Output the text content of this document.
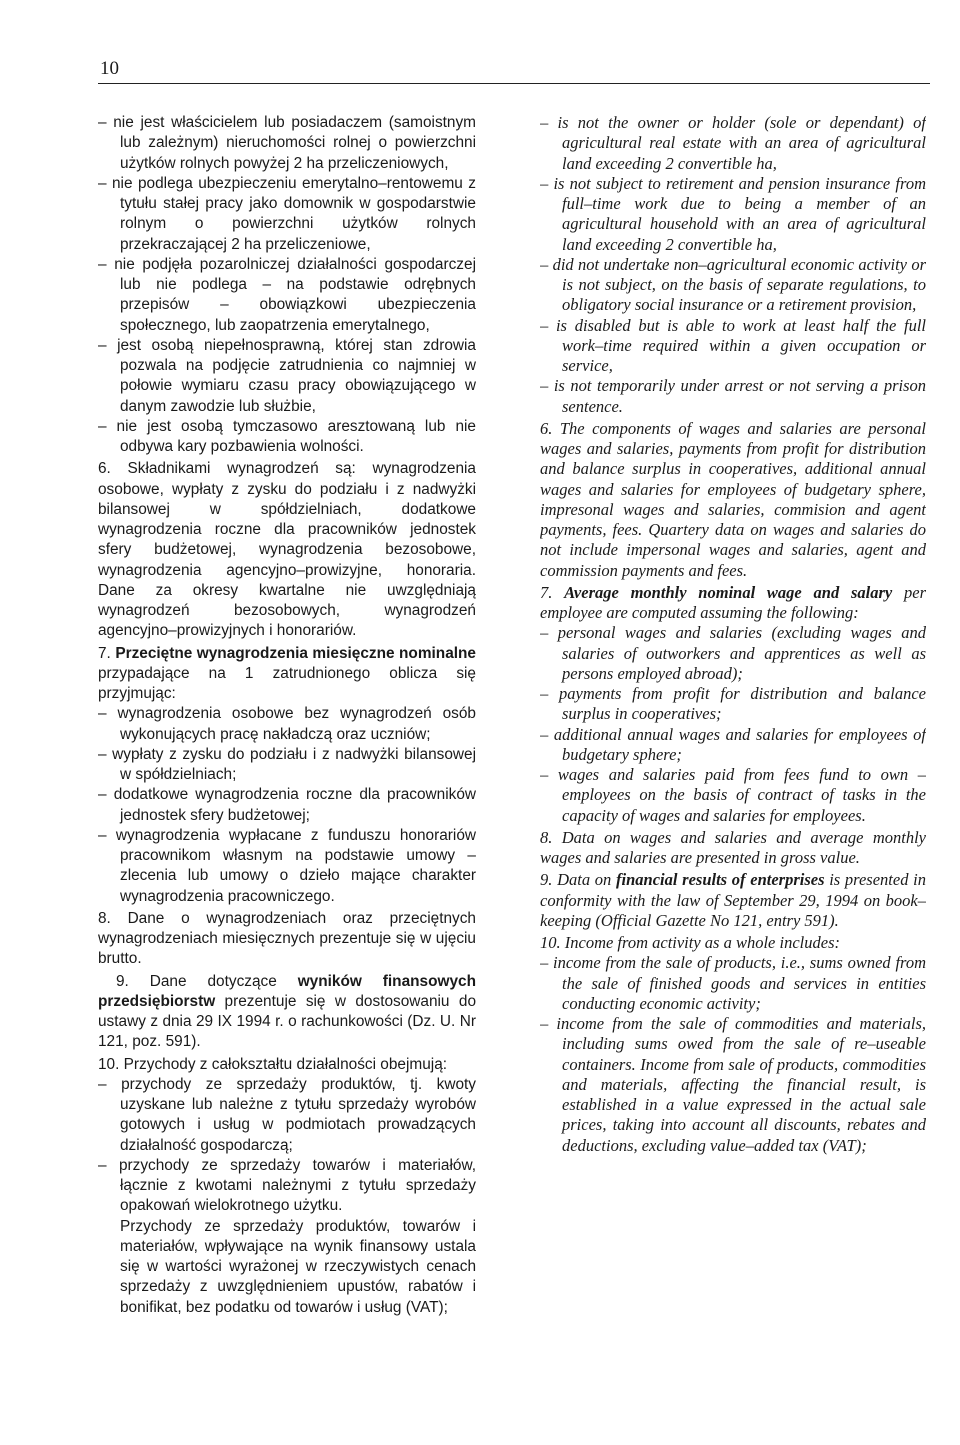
10

– nie jest właścicielem lub posiadaczem (samoistnym lub zależnym) nieruchomości rolnej o powierzchni użytków rolnych powyżej 2 ha przeliczeniowych,

– nie podlega ubezpieczeniu emerytalno–rentowemu z tytułu stałej pracy jako domownik w gospodarstwie rolnym o powierzchni użytków rolnych przekraczającej 2 ha przeliczeniowe,

– nie podjęła pozarolniczej działalności gospodarczej lub nie podlega – na podstawie odrębnych przepisów – obowiązkowi ubezpieczenia społecznego, lub zaopatrzenia emerytalnego,

– jest osobą niepełnosprawną, której stan zdrowia pozwala na podjęcie zatrudnienia co najmniej w połowie wymiaru czasu pracy obowiązującego w danym zawodzie lub służbie,

– nie jest osobą tymczasowo aresztowaną lub nie odbywa kary pozbawienia wolności.

6. Składnikami wynagrodzeń są: wynagrodzenia osobowe, wypłaty z zysku do podziału i z nadwyżki bilansowej w spółdzielniach, dodatkowe wynagrodzenia roczne dla pracowników jednostek sfery budżetowej, wynagrodzenia bezosobowe, wynagrodzenia agencyjno–prowizyjne, honoraria. Dane za okresy kwartalne nie uwzględniają wynagrodzeń bezosobowych, wynagrodzeń agencyjno–prowizyjnych i honorariów.

7. Przeciętne wynagrodzenia miesięczne nominalne przypadające na 1 zatrudnionego oblicza się przyjmując:

– wynagrodzenia osobowe bez wynagrodzeń osób wykonujących pracę nakładczą oraz uczniów;

– wypłaty z zysku do podziału i z nadwyżki bilansowej w spółdzielniach;

– dodatkowe wynagrodzenia roczne dla pracowników jednostek sfery budżetowej;

– wynagrodzenia wypłacane z funduszu honorariów pracownikom własnym na podstawie umowy – zlecenia lub umowy o dzieło mające charakter wynagrodzenia pracowniczego.

8. Dane o wynagrodzeniach oraz przeciętnych wynagrodzeniach miesięcznych prezentuje się w ujęciu brutto.

9. Dane dotyczące wyników finansowych przedsiębiorstw prezentuje się w dostosowaniu do ustawy z dnia 29 IX 1994 r. o rachunkowości (Dz. U. Nr 121, poz. 591).

10. Przychody z całokształtu działalności obejmują:

– przychody ze sprzedaży produktów, tj. kwoty uzyskane lub należne z tytułu sprzedaży wyrobów gotowych i usług w podmiotach prowadzących działalność gospodarczą;

– przychody ze sprzedaży towarów i materiałów, łącznie z kwotami należnymi z tytułu sprzedaży opakowań wielokrotnego użytku.

Przychody ze sprzedaży produktów, towarów i materiałów, wpływające na wynik finansowy ustala się w wartości wyrażonej w rzeczywistych cenach sprzedaży z uwzględnieniem upustów, rabatów i bonifikat, bez podatku od towarów i usług (VAT);

– is not the owner or holder (sole or dependant) of agricultural real estate with an area of agricultural land exceeding 2 convertible ha,

– is not subject to retirement and pension insurance from full–time work due to being a member of an agricultural household with an area of agricultural land exceeding 2 convertible ha,

– did not undertake non–agricultural economic activity or is not subject, on the basis of separate regulations, to obligatory social insurance or a retirement provision,

– is disabled but is able to work at least half the full work–time required within a given occupation or service,

– is not temporarily under arrest or not serving a prison sentence.

6. The components of wages and salaries are personal wages and salaries, payments from profit for distribution and balance surplus in cooperatives, additional annual wages and salaries for employees of budgetary sphere, impresonal wages and salaries, commision and agent payments, fees. Quartery data on wages and salaries do not include impersonal wages and salaries, agent and commission payments and fees.

7. Average monthly nominal wage and salary per employee are computed assuming the following:

– personal wages and salaries (excluding wages and salaries of outworkers and apprentices as well as persons employed abroad);

– payments from profit for distribution and balance surplus in cooperatives;

– additional annual wages and salaries for employees of budgetary sphere;

– wages and salaries paid from fees fund to own – employees on the basis of contract of tasks in the capacity of wages and salaries for employees.

8. Data on wages and salaries and average monthly wages and salaries are presented in gross value.

9. Data on financial results of enterprises is presented in conformity with the law of September 29, 1994 on book–keeping (Official Gazette No 121, entry 591).

10. Income from activity as a whole includes:

– income from the sale of products, i.e., sums owned from the sale of finished goods and services in entities conducting economic activity;

– income from the sale of commodities and materials, including sums owed from the sale of re–useable containers. Income from sale of products, commodities and materials, affecting the financial result, is established in a value expressed in the actual sale prices, taking into account all discounts, rebates and deductions, excluding value–added tax (VAT);
